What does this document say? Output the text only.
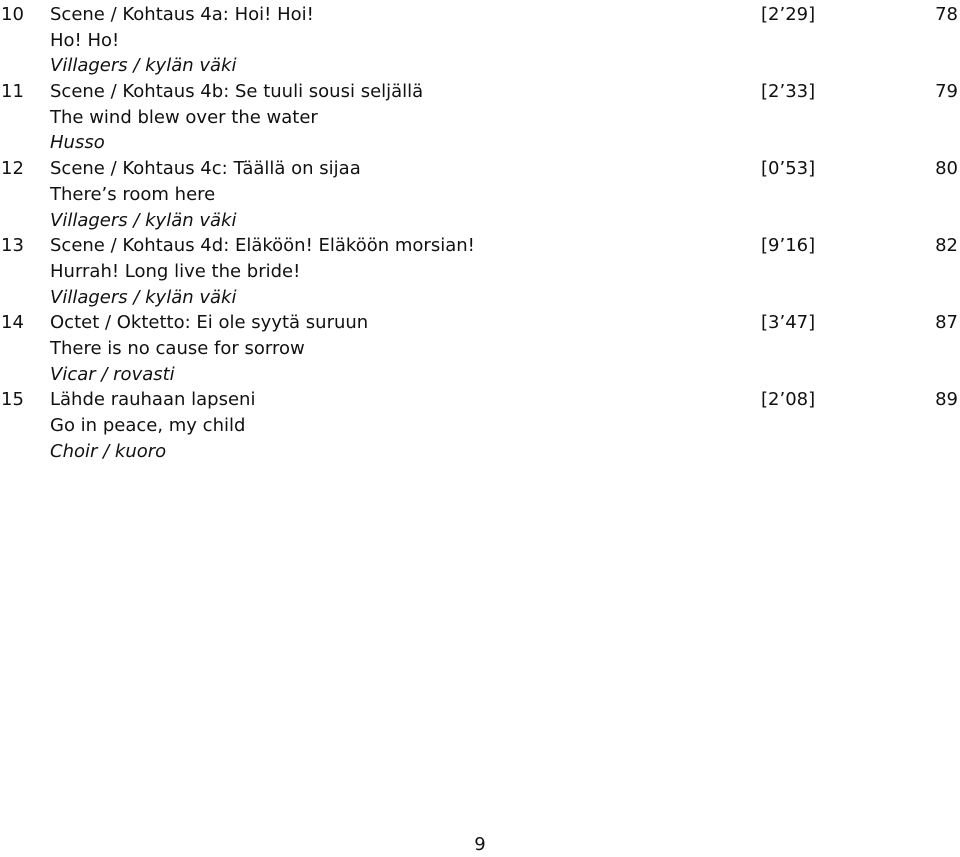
10 Scene / Kohtaus 4a: Hoi! Hoi!	[2’29]	78
Ho! Ho!
Villagers / kylän väki
11 Scene / Kohtaus 4b: Se tuuli sousi seljällä	[2’33]	79
The wind blew over the water
Husso
12 Scene / Kohtaus 4c: Täällä on sijaa	[0’53]	80
There’s room here
Villagers / kylän väki
13 Scene / Kohtaus 4d: Eläköön! Eläköön morsian!	[9’16]	82
Hurrah! Long live the bride!
Villagers / kylän väki
14 Octet / Oktetto: Ei ole syytä suruun	[3’47]	87
There is no cause for sorrow
Vicar / rovasti
15 Lähde rauhaan lapseni	[2’08]	89
Go in peace, my child
Choir / kuoro
9
